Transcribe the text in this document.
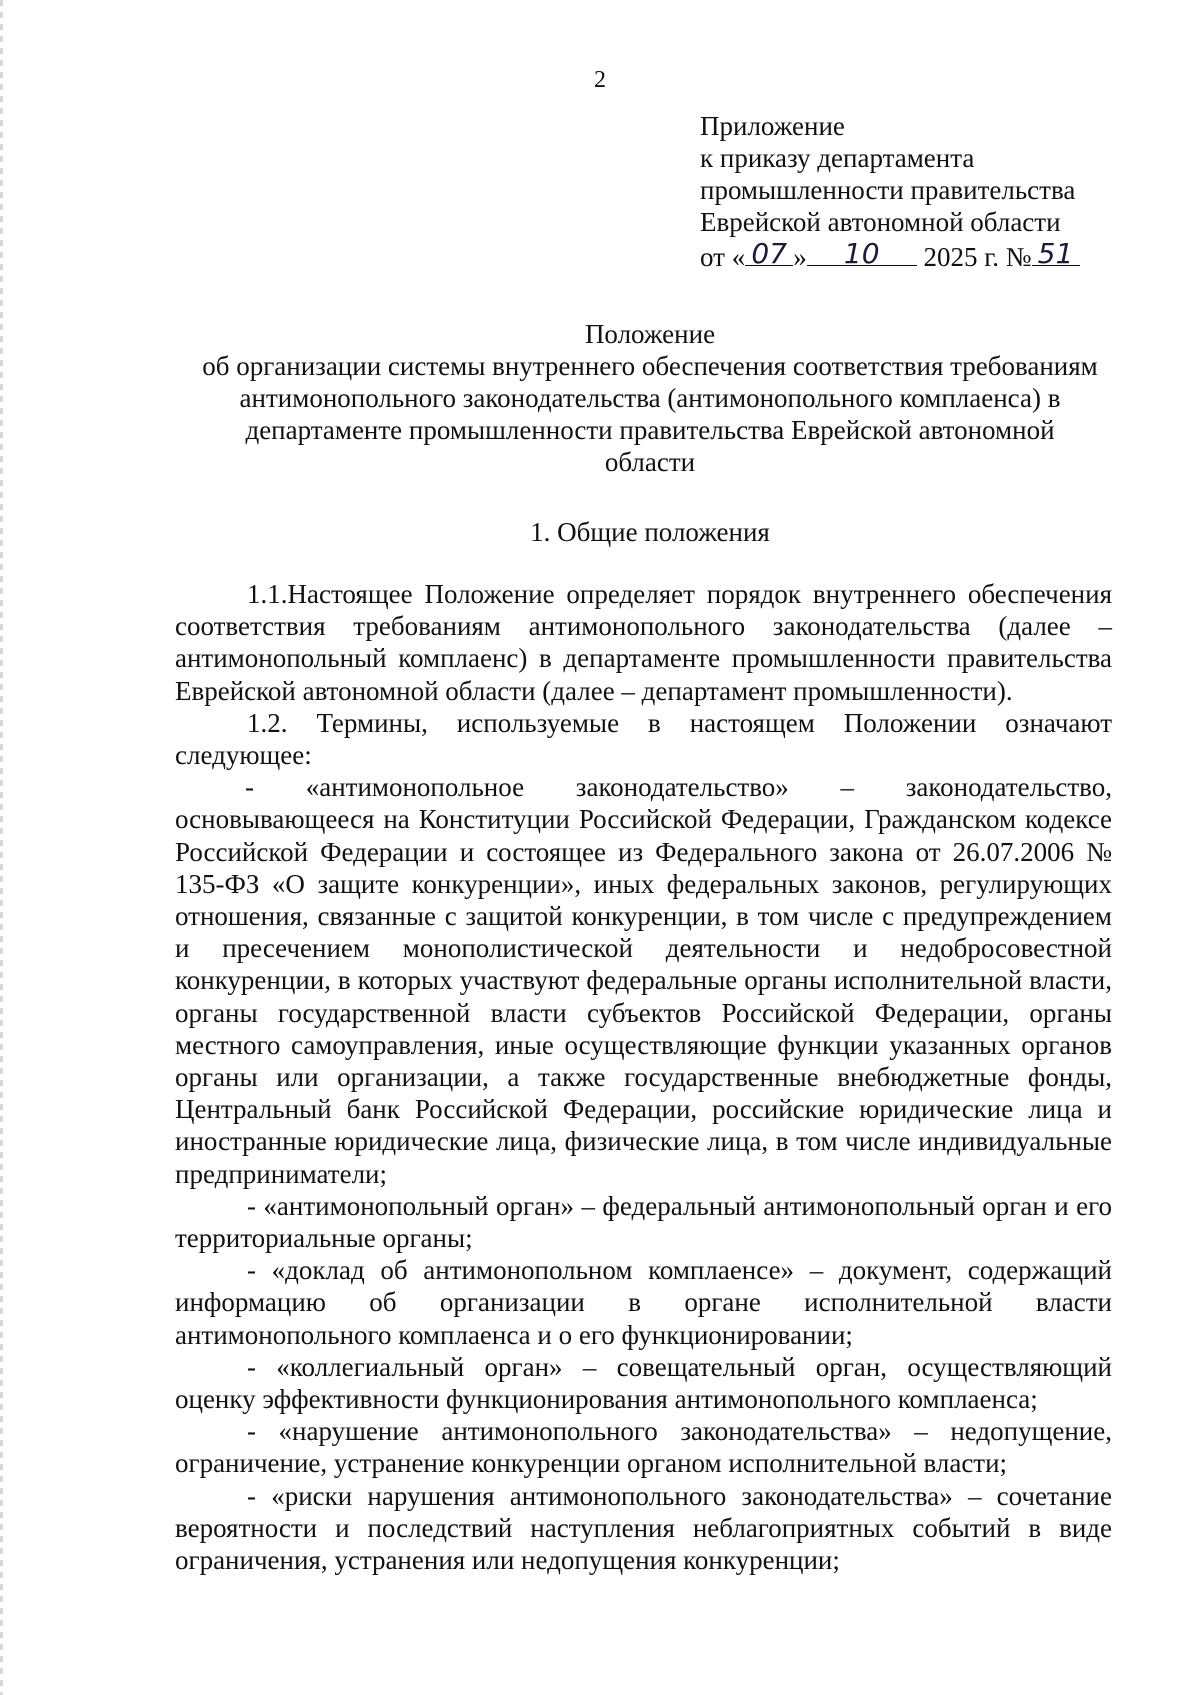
2
Приложение
к приказу департамента
промышленности правительства
Еврейской автономной области
от « 07 »	10	2025 г. № 51
Положение
об организации системы внутреннего обеспечения соответствия требованиям
антимонопольного законодательства (антимонопольного комплаенса) в
департаменте промышленности правительства Еврейской автономной
области
1. Общие положения

1.1.Настоящее Положение определяет порядок внутреннего обеспечения соответствия требованиям антимонопольного законодательства (далее – антимонопольный комплаенс) в департаменте промышленности правительства Еврейской автономной области (далее – департамент промышленности).

1.2. Термины, используемые в настоящем Положении означают следующее:

- «антимонопольное законодательство» – законодательство, основывающееся на Конституции Российской Федерации, Гражданском кодексе Российской Федерации и состоящее из Федерального закона от 26.07.2006 № 135-ФЗ «О защите конкуренции», иных федеральных законов, регулирующих отношения, связанные с защитой конкуренции, в том числе с предупреждением и пресечением монополистической деятельности и недобросовестной конкуренции, в которых участвуют федеральные органы исполнительной власти, органы государственной власти субъектов Российской Федерации, органы местного самоуправления, иные осуществляющие функции указанных органов органы или организации, а также государственные внебюджетные фонды, Центральный банк Российской Федерации, российские юридические лица и иностранные юридические лица, физические лица, в том числе индивидуальные предприниматели;

- «антимонопольный орган» – федеральный антимонопольный орган и его территориальные органы;

- «доклад об антимонопольном комплаенсе» – документ, содержащий информацию об организации в органе исполнительной власти антимонопольного комплаенса и о его функционировании;

- «коллегиальный орган» – совещательный орган, осуществляющий оценку эффективности функционирования антимонопольного комплаенса;

- «нарушение антимонопольного законодательства» – недопущение, ограничение, устранение конкуренции органом исполнительной власти;

- «риски нарушения антимонопольного законодательства» – сочетание вероятности и последствий наступления неблагоприятных событий в виде ограничения, устранения или недопущения конкуренции;
